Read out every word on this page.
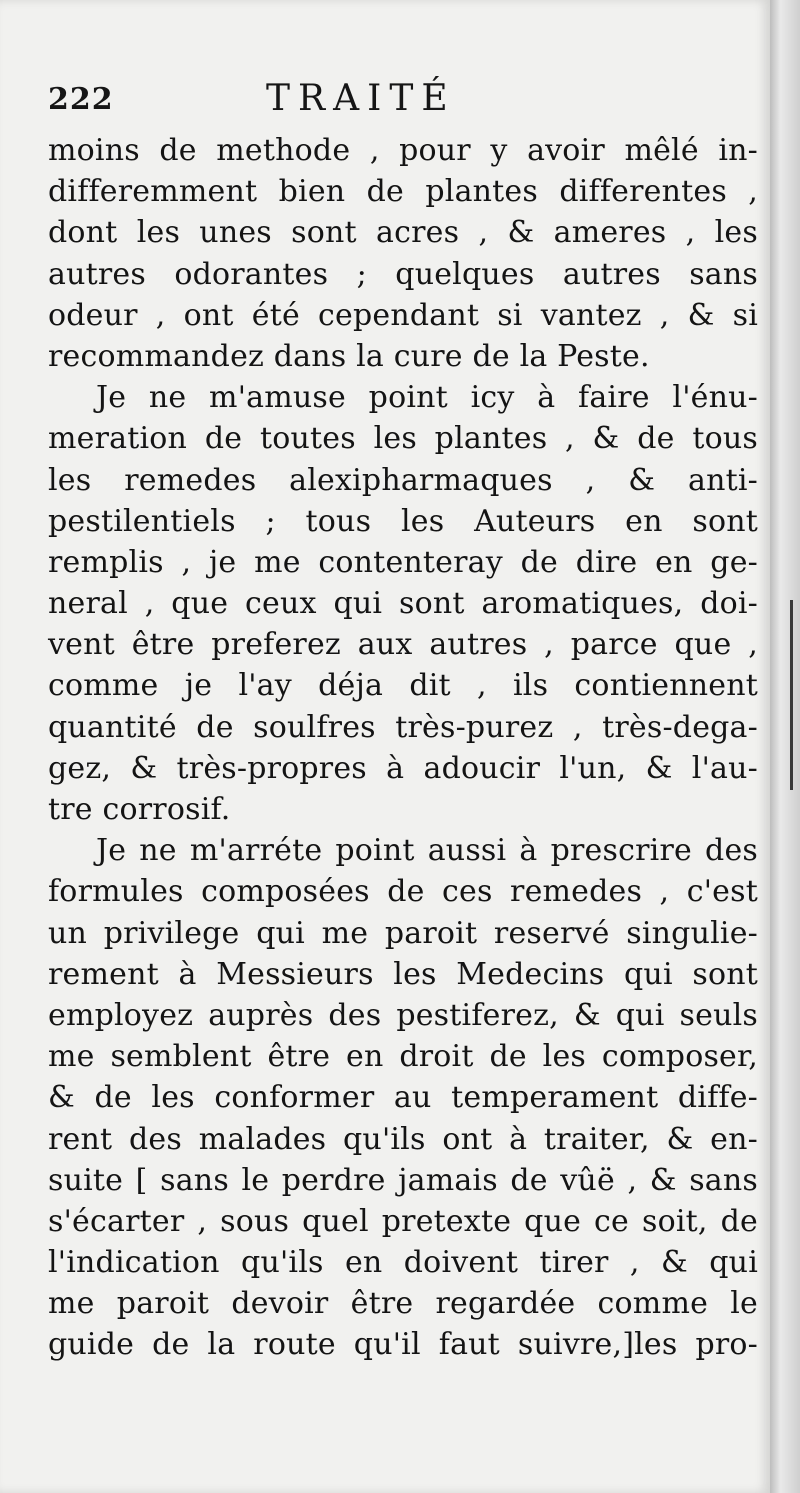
222	TRAITÉ
moins de methode , pour y avoir mêlé in-
differemment bien de plantes differentes ,
dont les unes sont acres , & ameres , les
autres odorantes ; quelques autres sans
odeur , ont été cependant si vantez , & si
recommandez dans la cure de la Peste.
Je ne m'amuse point icy à faire l'énu-
meration de toutes les plantes , & de tous
les remedes alexipharmaques , & anti-
pestilentiels ; tous les Auteurs en sont
remplis , je me contenteray de dire en ge-
neral , que ceux qui sont aromatiques, doi-
vent être preferez aux autres , parce que ,
comme je l'ay déja dit , ils contiennent
quantité de soulfres très-purez , très-dega-
gez, & très-propres à adoucir l'un, & l'au-
tre corrosif.
Je ne m'arréte point aussi à prescrire des
formules composées de ces remedes , c'est
un privilege qui me paroit reservé singulie-
rement à Messieurs les Medecins qui sont
employez auprès des pestiferez, & qui seuls
me semblent être en droit de les composer,
& de les conformer au temperament diffe-
rent des malades qu'ils ont à traiter, & en-
suite [ sans le perdre jamais de vûë , & sans
s'écarter , sous quel pretexte que ce soit, de
l'indication qu'ils en doivent tirer , & qui
me paroit devoir être regardée comme le
guide de la route qu'il faut suivre,]les pro-
